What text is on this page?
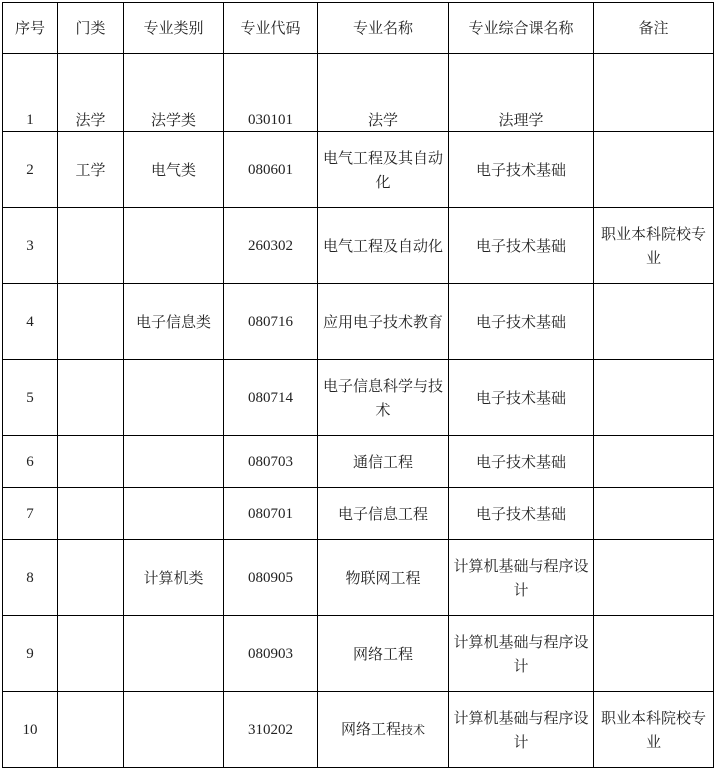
序号	门类	专业类别	专业代码	专业名称	专业综合课名称	备注
1	法学	法学类	030101	法学	法理学	
2	工学	电气类	080601	电气工程及其自动化	电子技术基础	
3			260302	电气工程及自动化	电子技术基础	职业本科院校专业
4		电子信息类	080716	应用电子技术教育	电子技术基础	
5			080714	电子信息科学与技术	电子技术基础	
6			080703	通信工程	电子技术基础	
7			080701	电子信息工程	电子技术基础	
8		计算机类	080905	物联网工程	计算机基础与程序设计	
9			080903	网络工程	计算机基础与程序设计	
10			310202	网络工程技术	计算机基础与程序设计	职业本科院校专业
